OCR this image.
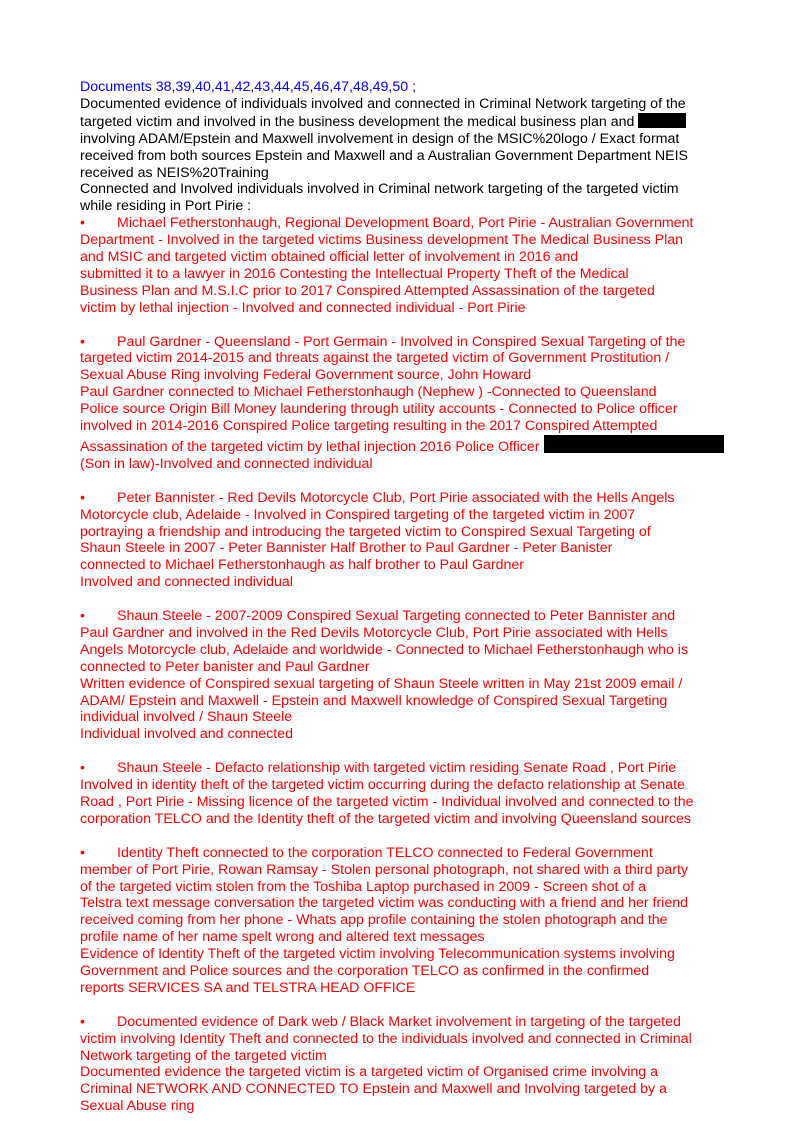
Documents 38,39,40,41,42,43,44,45,46,47,48,49,50 ;

Documented evidence of individuals involved and connected in Criminal Network targeting of the

targeted victim and involved in the business development the medical business plan and

involving ADAM/Epstein and Maxwell involvement in design of the MSIC%20logo / Exact format

received from both sources Epstein and Maxwell and a Australian Government Department NEIS

received as NEIS%20Training

Connected and Involved individuals involved in Criminal network targeting of the targeted victim

while residing in Port Pirie :

• Michael Fetherstonhaugh, Regional Development Board, Port Pirie - Australian Government

Department - Involved in the targeted victims Business development The Medical Business Plan

and MSIC and targeted victim obtained official letter of involvement in 2016 and

submitted it to a lawyer in 2016 Contesting the Intellectual Property Theft of the Medical

Business Plan and M.S.I.C prior to 2017 Conspired Attempted Assassination of the targeted

victim by lethal injection - Involved and connected individual - Port Pirie

• Paul Gardner - Queensland - Port Germain - Involved in Conspired Sexual Targeting of the

targeted victim 2014-2015 and threats against the targeted victim of Government Prostitution /

Sexual Abuse Ring involving Federal Government source, John Howard

Paul Gardner connected to Michael Fetherstonhaugh (Nephew ) -Connected to Queensland

Police source Origin Bill Money laundering through utility accounts - Connected to Police officer

involved in 2014-2016 Conspired Police targeting resulting in the 2017 Conspired Attempted

Assassination of the targeted victim by lethal injection 2016 Police Officer

(Son in law)-Involved and connected individual

• Peter Bannister - Red Devils Motorcycle Club, Port Pirie associated with the Hells Angels

Motorcycle club, Adelaide - Involved in Conspired targeting of the targeted victim in 2007

portraying a friendship and introducing the targeted victim to Conspired Sexual Targeting of

Shaun Steele in 2007 - Peter Bannister Half Brother to Paul Gardner - Peter Banister

connected to Michael Fetherstonhaugh as half brother to Paul Gardner

Involved and connected individual

• Shaun Steele - 2007-2009 Conspired Sexual Targeting connected to Peter Bannister and

Paul Gardner and involved in the Red Devils Motorcycle Club, Port Pirie associated with Hells

Angels Motorcycle club, Adelaide and worldwide - Connected to Michael Fetherstonhaugh who is

connected to Peter banister and Paul Gardner

Written evidence of Conspired sexual targeting of Shaun Steele written in May 21st 2009 email /

ADAM/ Epstein and Maxwell - Epstein and Maxwell knowledge of Conspired Sexual Targeting

individual involved / Shaun Steele

Individual involved and connected

• Shaun Steele - Defacto relationship with targeted victim residing Senate Road , Port Pirie

Involved in identity theft of the targeted victim occurring during the defacto relationship at Senate

Road , Port Pirie - Missing licence of the targeted victim - Individual involved and connected to the

corporation TELCO and the Identity theft of the targeted victim and involving Queensland sources

• Identity Theft connected to the corporation TELCO connected to Federal Government

member of Port Pirie, Rowan Ramsay - Stolen personal photograph, not shared with a third party

of the targeted victim stolen from the Toshiba Laptop purchased in 2009 - Screen shot of a

Telstra text message conversation the targeted victim was conducting with a friend and her friend

received coming from her phone - Whats app profile containing the stolen photograph and the

profile name of her name spelt wrong and altered text messages

Evidence of Identity Theft of the targeted victim involving Telecommunication systems involving

Government and Police sources and the corporation TELCO as confirmed in the confirmed

reports SERVICES SA and TELSTRA HEAD OFFICE

• Documented evidence of Dark web / Black Market involvement in targeting of the targeted

victim involving Identity Theft and connected to the individuals involved and connected in Criminal

Network targeting of the targeted victim

Documented evidence the targeted victim is a targeted victim of Organised crime involving a

Criminal NETWORK AND CONNECTED TO Epstein and Maxwell and Involving targeted by a

Sexual Abuse ring
